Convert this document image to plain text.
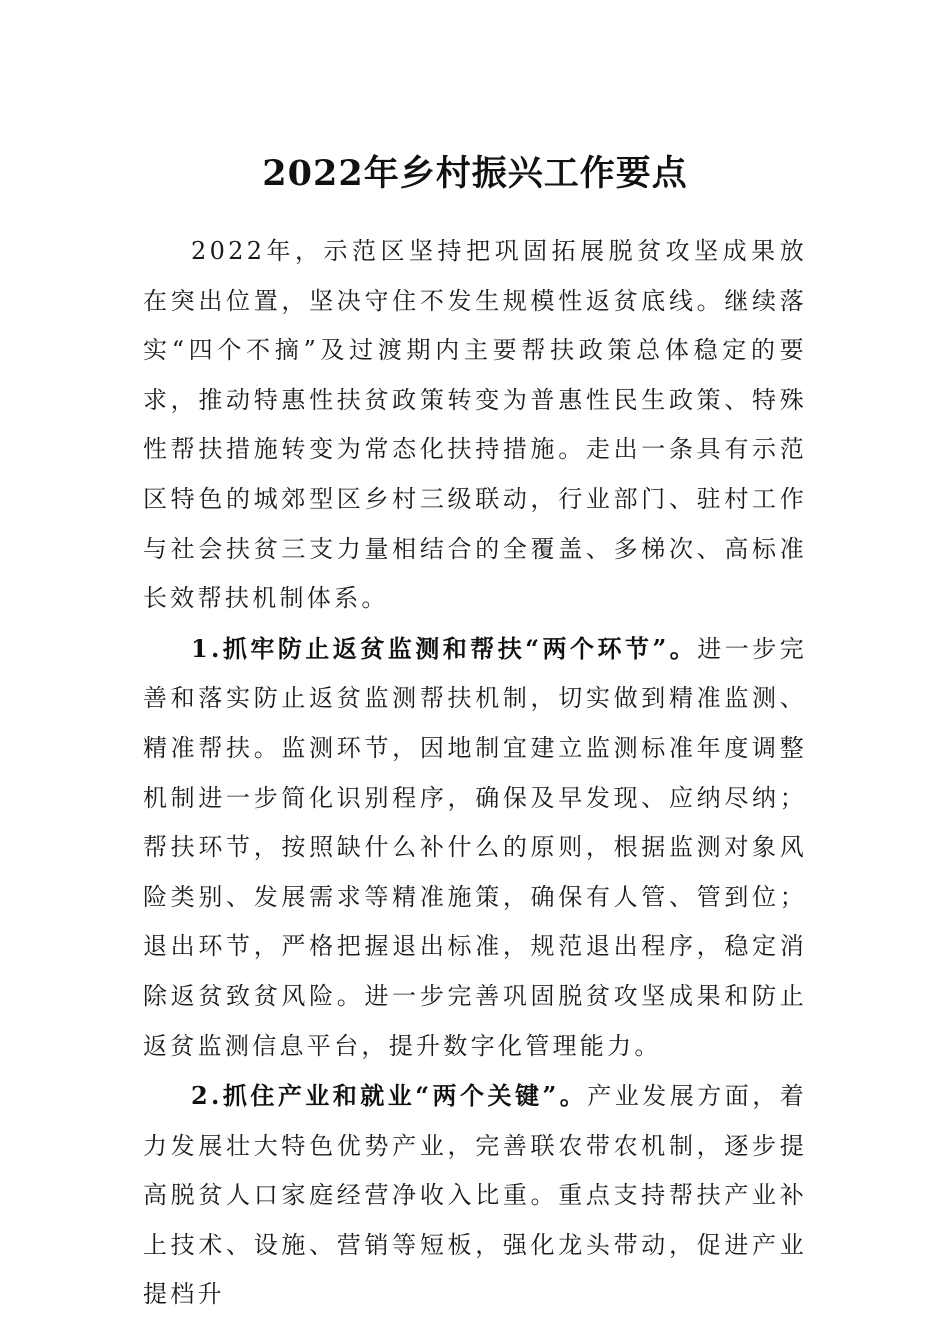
2022年乡村振兴工作要点

2022年，示范区坚持把巩固拓展脱贫攻坚成果放在突出位置，坚决守住不发生规模性返贫底线。继续落实“四个不摘”及过渡期内主要帮扶政策总体稳定的要求，推动特惠性扶贫政策转变为普惠性民生政策、特殊性帮扶措施转变为常态化扶持措施。走出一条具有示范区特色的城郊型区乡村三级联动，行业部门、驻村工作与社会扶贫三支力量相结合的全覆盖、多梯次、高标准长效帮扶机制体系。

1.抓牢防止返贫监测和帮扶“两个环节”。进一步完善和落实防止返贫监测帮扶机制，切实做到精准监测、精准帮扶。监测环节，因地制宜建立监测标准年度调整机制进一步简化识别程序，确保及早发现、应纳尽纳；帮扶环节，按照缺什么补什么的原则，根据监测对象风险类别、发展需求等精准施策，确保有人管、管到位；退出环节，严格把握退出标准，规范退出程序，稳定消除返贫致贫风险。进一步完善巩固脱贫攻坚成果和防止返贫监测信息平台，提升数字化管理能力。

2.抓住产业和就业“两个关键”。产业发展方面，着力发展壮大特色优势产业，完善联农带农机制，逐步提高脱贫人口家庭经营净收入比重。重点支持帮扶产业补上技术、设施、营销等短板，强化龙头带动，促进产业提档升
